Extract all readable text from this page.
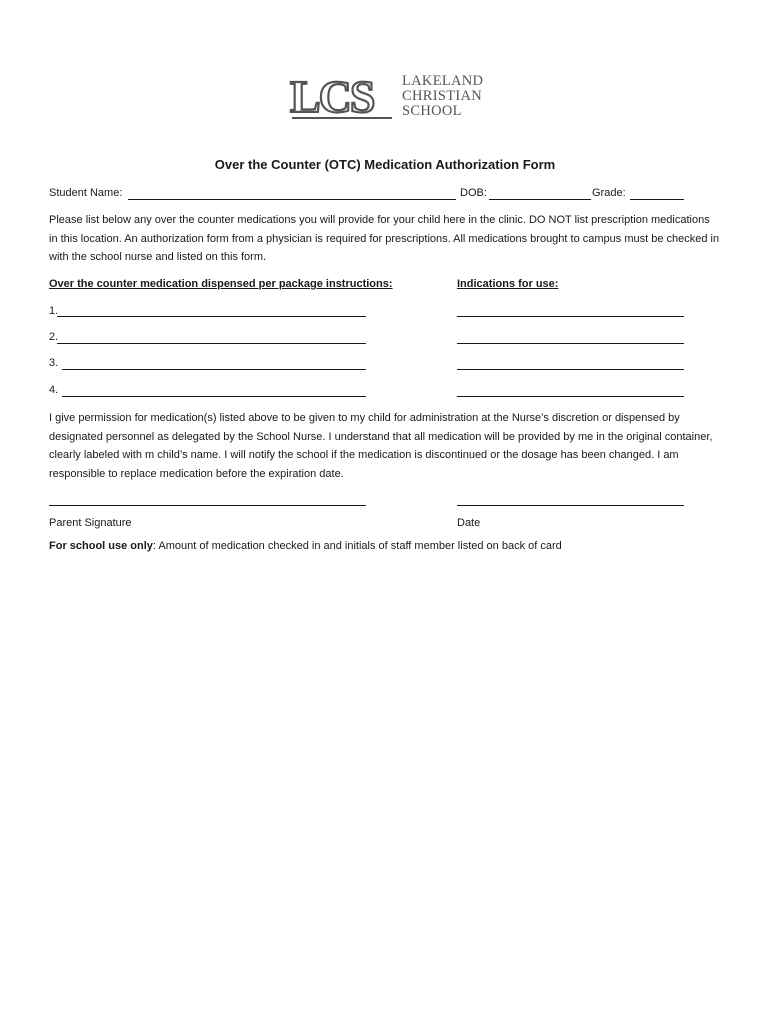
LCS LAKELAND
CHRISTIAN
SCHOOL
Over the Counter (OTC) Medication Authorization Form
Student Name:	DOB:	Grade:
Please list below any over the counter medications you will provide for your child here in the clinic. DO NOT list prescription medications in this location. An authorization form from a physician is required for prescriptions. All medications brought to campus must be checked in with the school nurse and listed on this form.
Over the counter medication dispensed per package instructions:	Indications for use:
1.
2.
3.
4.
I give permission for medication(s) listed above to be given to my child for administration at the Nurse’s discretion or dispensed by designated personnel as delegated by the School Nurse. I understand that all medication will be provided by me in the original container, clearly labeled with m child’s name. I will notify the school if the medication is discontinued or the dosage has been changed. I am responsible to replace medication before the expiration date.
Parent Signature	Date
For school use only: Amount of medication checked in and initials of staff member listed on back of card
